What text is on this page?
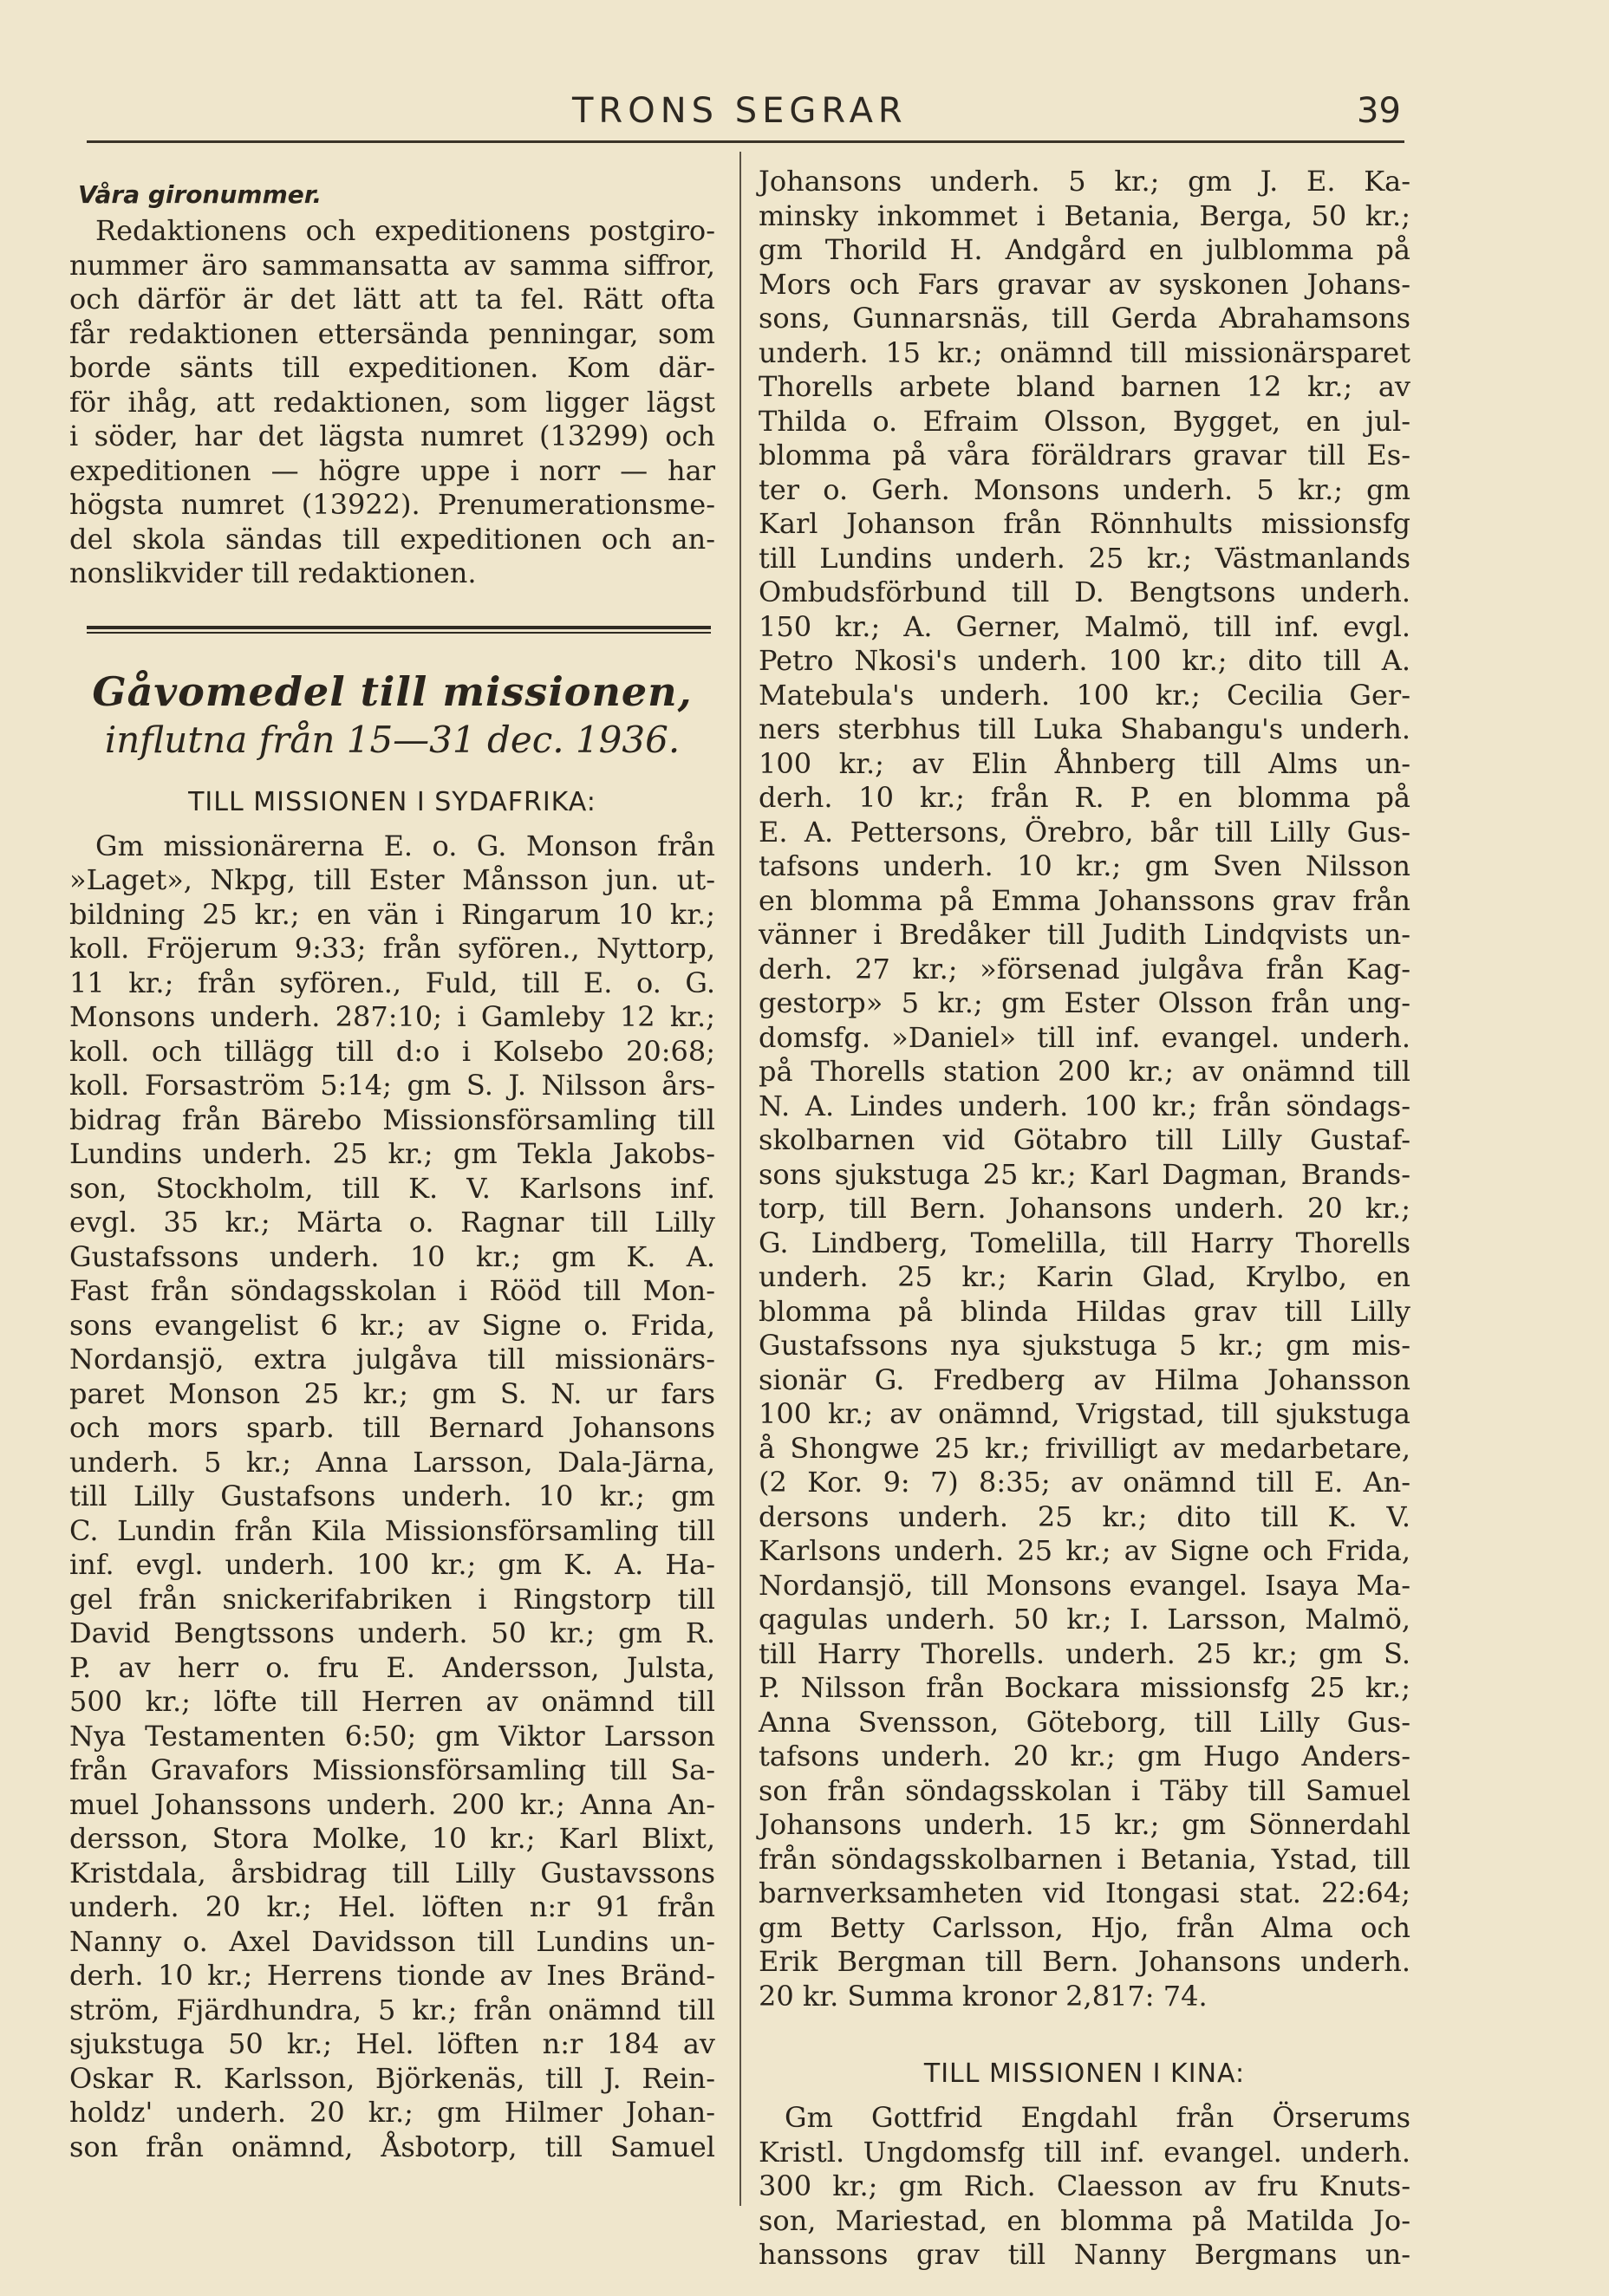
TRONS SEGRAR	39
Våra gironummer.

Redaktionens och expeditionens postgiro-

nummer äro sammansatta av samma siffror,

och därför är det lätt att ta fel. Rätt ofta

får redaktionen ettersända penningar, som

borde sänts till expeditionen. Kom där-

för ihåg, att redaktionen, som ligger lägst

i söder, har det lägsta numret (13299) och

expeditionen — högre uppe i norr — har

högsta numret (13922). Prenumerationsme-

del skola sändas till expeditionen och an-

nonslikvider till redaktionen.

Gåvomedel till missionen,
influtna från 15—31 dec. 1936.
TILL MISSIONEN I SYDAFRIKA:

Gm missionärerna E. o. G. Monson från

»Laget», Nkpg, till Ester Månsson jun. ut-

bildning 25 kr.; en vän i Ringarum 10 kr.;

koll. Fröjerum 9:33; från syfören., Nyttorp,

11 kr.; från syfören., Fuld, till E. o. G.

Monsons underh. 287:10; i Gamleby 12 kr.;

koll. och tillägg till d:o i Kolsebo 20:68;

koll. Forsaström 5:14; gm S. J. Nilsson års-

bidrag från Bärebo Missionsförsamling till

Lundins underh. 25 kr.; gm Tekla Jakobs-

son, Stockholm, till K. V. Karlsons inf.

evgl. 35 kr.; Märta o. Ragnar till Lilly

Gustafssons underh. 10 kr.; gm K. A.

Fast från söndagsskolan i Rööd till Mon-

sons evangelist 6 kr.; av Signe o. Frida,

Nordansjö, extra julgåva till missionärs-

paret Monson 25 kr.; gm S. N. ur fars

och mors sparb. till Bernard Johansons

underh. 5 kr.; Anna Larsson, Dala-Järna,

till Lilly Gustafsons underh. 10 kr.; gm

C. Lundin från Kila Missionsförsamling till

inf. evgl. underh. 100 kr.; gm K. A. Ha-

gel från snickerifabriken i Ringstorp till

David Bengtssons underh. 50 kr.; gm R.

P. av herr o. fru E. Andersson, Julsta,

500 kr.; löfte till Herren av onämnd till

Nya Testamenten 6:50; gm Viktor Larsson

från Gravafors Missionsförsamling till Sa-

muel Johanssons underh. 200 kr.; Anna An-

dersson, Stora Molke, 10 kr.; Karl Blixt,

Kristdala, årsbidrag till Lilly Gustavssons

underh. 20 kr.; Hel. löften n:r 91 från

Nanny o. Axel Davidsson till Lundins un-

derh. 10 kr.; Herrens tionde av Ines Bränd-

ström, Fjärdhundra, 5 kr.; från onämnd till

sjukstuga 50 kr.; Hel. löften n:r 184 av

Oskar R. Karlsson, Björkenäs, till J. Rein-

holdz' underh. 20 kr.; gm Hilmer Johan-

son från onämnd, Åsbotorp, till Samuel

Johansons underh. 5 kr.; gm J. E. Ka-

minsky inkommet i Betania, Berga, 50 kr.;

gm Thorild H. Andgård en julblomma på

Mors och Fars gravar av syskonen Johans-

sons, Gunnarsnäs, till Gerda Abrahamsons

underh. 15 kr.; onämnd till missionärsparet

Thorells arbete bland barnen 12 kr.; av

Thilda o. Efraim Olsson, Bygget, en jul-

blomma på våra föräldrars gravar till Es-

ter o. Gerh. Monsons underh. 5 kr.; gm

Karl Johanson från Rönnhults missionsfg

till Lundins underh. 25 kr.; Västmanlands

Ombudsförbund till D. Bengtsons underh.

150 kr.; A. Gerner, Malmö, till inf. evgl.

Petro Nkosi's underh. 100 kr.; dito till A.

Matebula's underh. 100 kr.; Cecilia Ger-

ners sterbhus till Luka Shabangu's underh.

100 kr.; av Elin Åhnberg till Alms un-

derh. 10 kr.; från R. P. en blomma på

E. A. Pettersons, Örebro, bår till Lilly Gus-

tafsons underh. 10 kr.; gm Sven Nilsson

en blomma på Emma Johanssons grav från

vänner i Bredåker till Judith Lindqvists un-

derh. 27 kr.; »försenad julgåva från Kag-

gestorp» 5 kr.; gm Ester Olsson från ung-

domsfg. »Daniel» till inf. evangel. underh.

på Thorells station 200 kr.; av onämnd till

N. A. Lindes underh. 100 kr.; från söndags-

skolbarnen vid Götabro till Lilly Gustaf-

sons sjukstuga 25 kr.; Karl Dagman, Brands-

torp, till Bern. Johansons underh. 20 kr.;

G. Lindberg, Tomelilla, till Harry Thorells

underh. 25 kr.; Karin Glad, Krylbo, en

blomma på blinda Hildas grav till Lilly

Gustafssons nya sjukstuga 5 kr.; gm mis-

sionär G. Fredberg av Hilma Johansson

100 kr.; av onämnd, Vrigstad, till sjukstuga

å Shongwe 25 kr.; frivilligt av medarbetare,

(2 Kor. 9: 7) 8:35; av onämnd till E. An-

dersons underh. 25 kr.; dito till K. V.

Karlsons underh. 25 kr.; av Signe och Frida,

Nordansjö, till Monsons evangel. Isaya Ma-

qagulas underh. 50 kr.; I. Larsson, Malmö,

till Harry Thorells. underh. 25 kr.; gm S.

P. Nilsson från Bockara missionsfg 25 kr.;

Anna Svensson, Göteborg, till Lilly Gus-

tafsons underh. 20 kr.; gm Hugo Anders-

son från söndagsskolan i Täby till Samuel

Johansons underh. 15 kr.; gm Sönnerdahl

från söndagsskolbarnen i Betania, Ystad, till

barnverksamheten vid Itongasi stat. 22:64;

gm Betty Carlsson, Hjo, från Alma och

Erik Bergman till Bern. Johansons underh.

20 kr. Summa kronor 2,817: 74.

TILL MISSIONEN I KINA:

Gm Gottfrid Engdahl från Örserums

Kristl. Ungdomsfg till inf. evangel. underh.

300 kr.; gm Rich. Claesson av fru Knuts-

son, Mariestad, en blomma på Matilda Jo-

hanssons grav till Nanny Bergmans un-
